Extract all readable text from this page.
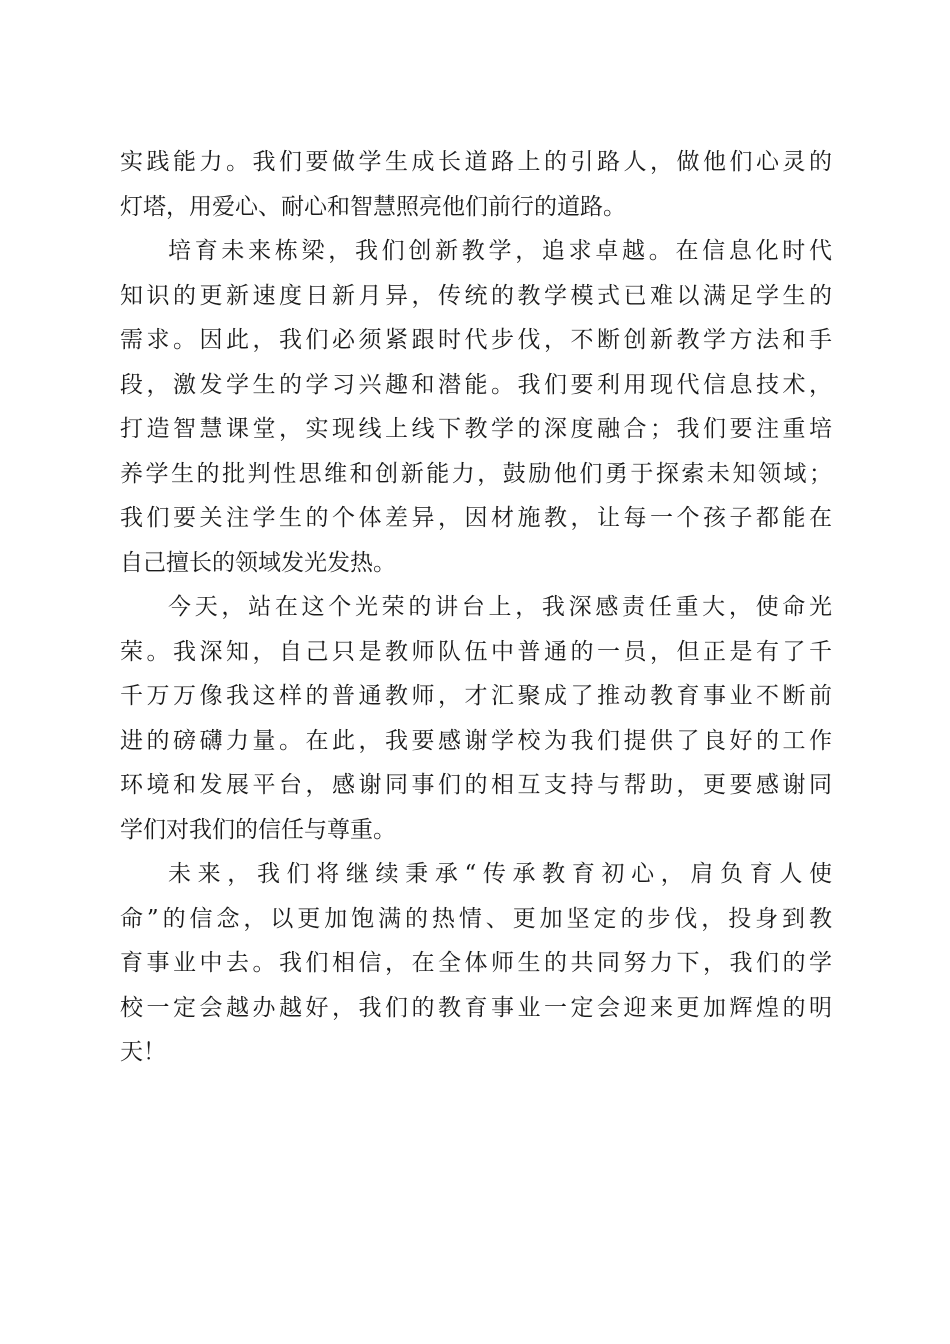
实践能力。我们要做学生成长道路上的引路人，做他们心灵的
灯塔，用爱心、耐心和智慧照亮他们前行的道路。
培育未来栋梁，我们创新教学，追求卓越。在信息化时代
知识的更新速度日新月异，传统的教学模式已难以满足学生的
需求。因此，我们必须紧跟时代步伐，不断创新教学方法和手
段，激发学生的学习兴趣和潜能。我们要利用现代信息技术，
打造智慧课堂，实现线上线下教学的深度融合；我们要注重培
养学生的批判性思维和创新能力，鼓励他们勇于探索未知领域；
我们要关注学生的个体差异，因材施教，让每一个孩子都能在
自己擅长的领域发光发热。
今天，站在这个光荣的讲台上，我深感责任重大，使命光
荣。我深知，自己只是教师队伍中普通的一员，但正是有了千
千万万像我这样的普通教师，才汇聚成了推动教育事业不断前
进的磅礴力量。在此，我要感谢学校为我们提供了良好的工作
环境和发展平台，感谢同事们的相互支持与帮助，更要感谢同
学们对我们的信任与尊重。
未来，我们将继续秉承“传承教育初心，肩负育人使
命”的信念，以更加饱满的热情、更加坚定的步伐，投身到教
育事业中去。我们相信，在全体师生的共同努力下，我们的学
校一定会越办越好，我们的教育事业一定会迎来更加辉煌的明
天！
